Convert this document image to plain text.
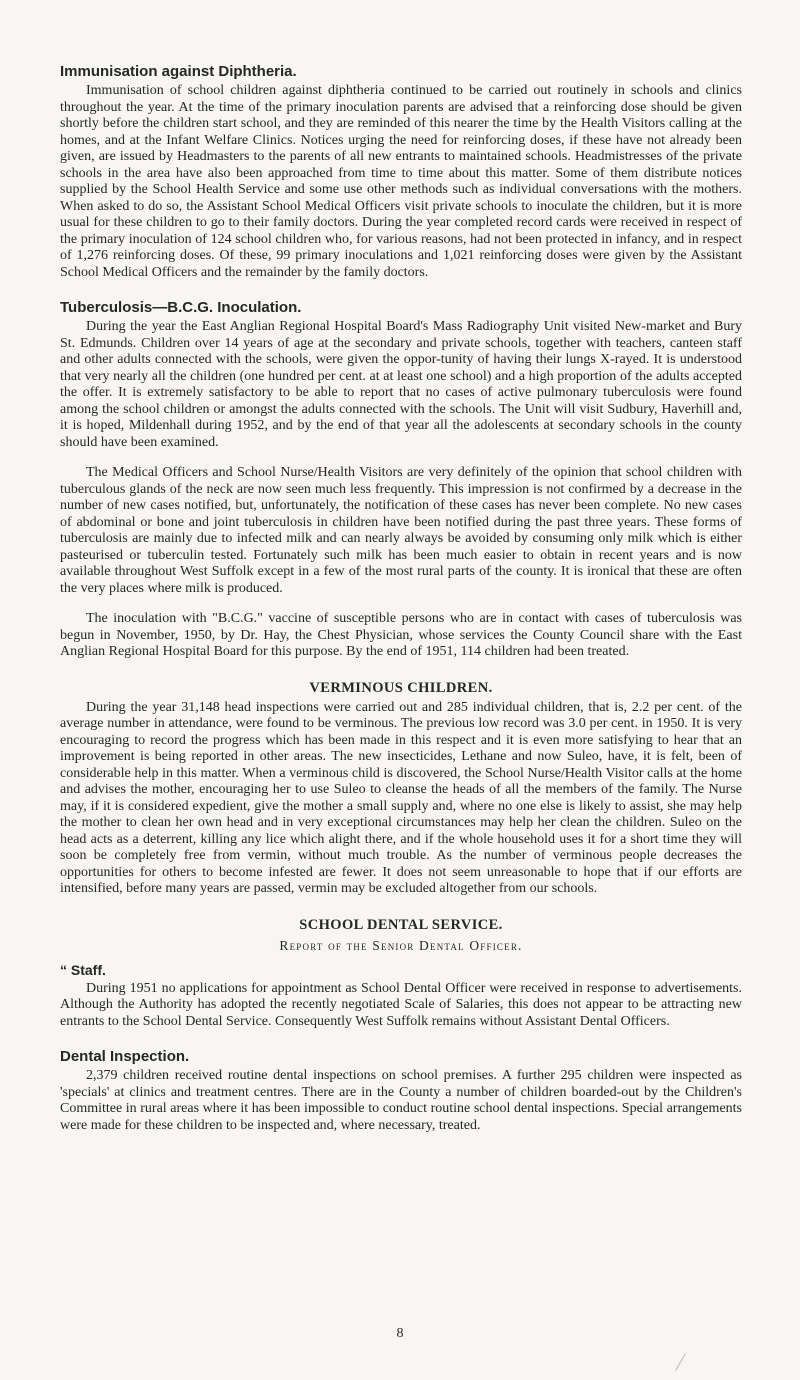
Immunisation against Diphtheria.

Immunisation of school children against diphtheria continued to be carried out routinely in schools and clinics throughout the year. At the time of the primary inoculation parents are advised that a reinforcing dose should be given shortly before the children start school, and they are reminded of this nearer the time by the Health Visitors calling at the homes, and at the Infant Welfare Clinics. Notices urging the need for reinforcing doses, if these have not already been given, are issued by Headmasters to the parents of all new entrants to maintained schools. Headmistresses of the private schools in the area have also been approached from time to time about this matter. Some of them distribute notices supplied by the School Health Service and some use other methods such as individual conversations with the mothers. When asked to do so, the Assistant School Medical Officers visit private schools to inoculate the children, but it is more usual for these children to go to their family doctors. During the year completed record cards were received in respect of the primary inoculation of 124 school children who, for various reasons, had not been protected in infancy, and in respect of 1,276 reinforcing doses. Of these, 99 primary inoculations and 1,021 reinforcing doses were given by the Assistant School Medical Officers and the remainder by the family doctors.

Tuberculosis—B.C.G. Inoculation.

During the year the East Anglian Regional Hospital Board's Mass Radiography Unit visited New-market and Bury St. Edmunds. Children over 14 years of age at the secondary and private schools, together with teachers, canteen staff and other adults connected with the schools, were given the oppor-tunity of having their lungs X-rayed. It is understood that very nearly all the children (one hundred per cent. at at least one school) and a high proportion of the adults accepted the offer. It is extremely satisfactory to be able to report that no cases of active pulmonary tuberculosis were found among the school children or amongst the adults connected with the schools. The Unit will visit Sudbury, Haverhill and, it is hoped, Mildenhall during 1952, and by the end of that year all the adolescents at secondary schools in the county should have been examined.

The Medical Officers and School Nurse/Health Visitors are very definitely of the opinion that school children with tuberculous glands of the neck are now seen much less frequently. This impression is not confirmed by a decrease in the number of new cases notified, but, unfortunately, the notification of these cases has never been complete. No new cases of abdominal or bone and joint tuberculosis in children have been notified during the past three years. These forms of tuberculosis are mainly due to infected milk and can nearly always be avoided by consuming only milk which is either pasteurised or tuberculin tested. Fortunately such milk has been much easier to obtain in recent years and is now available throughout West Suffolk except in a few of the most rural parts of the county. It is ironical that these are often the very places where milk is produced.

The inoculation with "B.C.G." vaccine of susceptible persons who are in contact with cases of tuberculosis was begun in November, 1950, by Dr. Hay, the Chest Physician, whose services the County Council share with the East Anglian Regional Hospital Board for this purpose. By the end of 1951, 114 children had been treated.

VERMINOUS CHILDREN.

During the year 31,148 head inspections were carried out and 285 individual children, that is, 2.2 per cent. of the average number in attendance, were found to be verminous. The previous low record was 3.0 per cent. in 1950. It is very encouraging to record the progress which has been made in this respect and it is even more satisfying to hear that an improvement is being reported in other areas. The new insecticides, Lethane and now Suleo, have, it is felt, been of considerable help in this matter. When a verminous child is discovered, the School Nurse/Health Visitor calls at the home and advises the mother, encouraging her to use Suleo to cleanse the heads of all the members of the family. The Nurse may, if it is considered expedient, give the mother a small supply and, where no one else is likely to assist, she may help the mother to clean her own head and in very exceptional circumstances may help her clean the children. Suleo on the head acts as a deterrent, killing any lice which alight there, and if the whole household uses it for a short time they will soon be completely free from vermin, without much trouble. As the number of verminous people decreases the opportunities for others to become infested are fewer. It does not seem unreasonable to hope that if our efforts are intensified, before many years are passed, vermin may be excluded altogether from our schools.

SCHOOL DENTAL SERVICE.

Report of the Senior Dental Officer.

“ Staff.

During 1951 no applications for appointment as School Dental Officer were received in response to advertisements. Although the Authority has adopted the recently negotiated Scale of Salaries, this does not appear to be attracting new entrants to the School Dental Service. Consequently West Suffolk remains without Assistant Dental Officers.

Dental Inspection.

2,379 children received routine dental inspections on school premises. A further 295 children were inspected as 'specials' at clinics and treatment centres. There are in the County a number of children boarded-out by the Children's Committee in rural areas where it has been impossible to conduct routine school dental inspections. Special arrangements were made for these children to be inspected and, where necessary, treated.

8
